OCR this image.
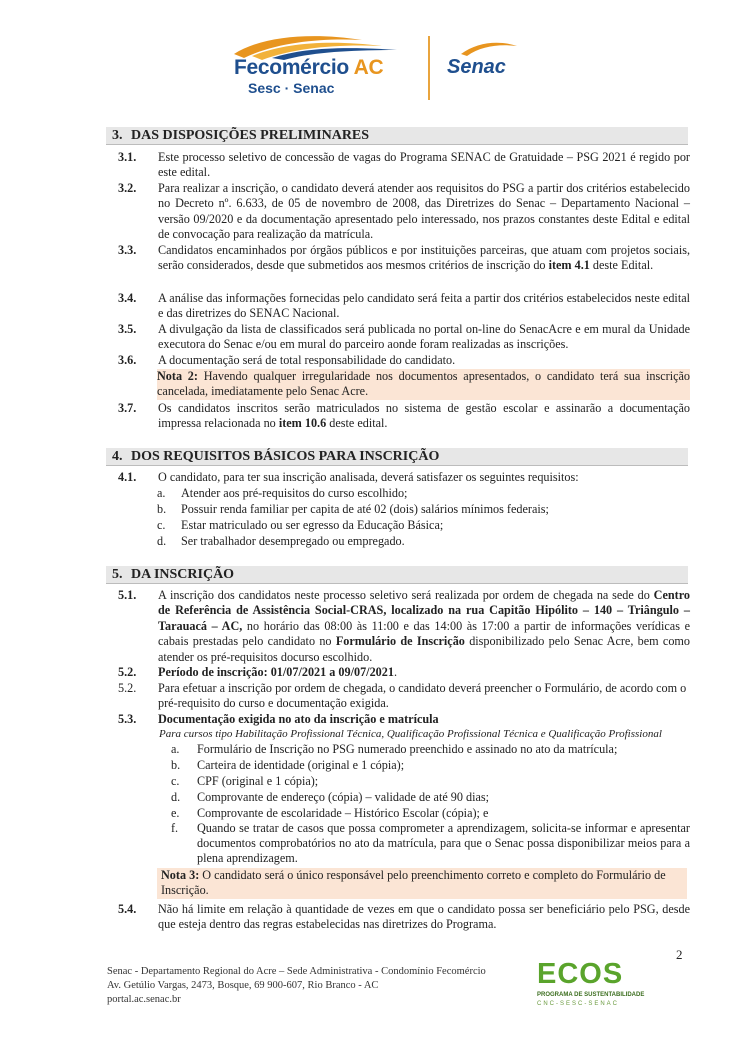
Fecomércio AC
Sesc · Senac
Senac
3. DAS DISPOSIÇÕES PRELIMINARES
3.1.	Este processo seletivo de concessão de vagas do Programa SENAC de Gratuidade – PSG 2021 é regido por este edital.
3.2.	Para realizar a inscrição, o candidato deverá atender aos requisitos do PSG a partir dos critérios estabelecido no Decreto nº. 6.633, de 05 de novembro de 2008, das Diretrizes do Senac – Departamento Nacional – versão 09/2020 e da documentação apresentado pelo interessado, nos prazos constantes deste Edital e edital de convocação para realização da matrícula.
3.3.	Candidatos encaminhados por órgãos públicos e por instituições parceiras, que atuam com projetos sociais, serão considerados, desde que submetidos aos mesmos critérios de inscrição do item 4.1 deste Edital.
3.4.	A análise das informações fornecidas pelo candidato será feita a partir dos critérios estabelecidos neste edital e das diretrizes do SENAC Nacional.
3.5.	A divulgação da lista de classificados será publicada no portal on-line do SenacAcre e em mural da Unidade executora do Senac e/ou em mural do parceiro aonde foram realizadas as inscrições.
3.6.	A documentação será de total responsabilidade do candidato.
Nota 2: Havendo qualquer irregularidade nos documentos apresentados, o candidato terá sua inscrição cancelada, imediatamente pelo Senac Acre.
3.7.	Os candidatos inscritos serão matriculados no sistema de gestão escolar e assinarão a documentação impressa relacionada no item 10.6 deste edital.
4. DOS REQUISITOS BÁSICOS PARA INSCRIÇÃO
4.1.	O candidato, para ter sua inscrição analisada, deverá satisfazer os seguintes requisitos:
a.	Atender aos pré-requisitos do curso escolhido;
b.	Possuir renda familiar per capita de até 02 (dois) salários mínimos federais;
c.	Estar matriculado ou ser egresso da Educação Básica;
d.	Ser trabalhador desempregado ou empregado.
5. DA INSCRIÇÃO
5.1.	A inscrição dos candidatos neste processo seletivo será realizada por ordem de chegada na sede do Centro de Referência de Assistência Social-CRAS, localizado na rua Capitão Hipólito – 140 – Triângulo – Tarauacá – AC, no horário das 08:00 às 11:00 e das 14:00 às 17:00 a partir de informações verídicas e cabais prestadas pelo candidato no Formulário de Inscrição disponibilizado pelo Senac Acre, bem como atender os pré-requisitos docurso escolhido.
5.2.	Período de inscrição: 01/07/2021 a 09/07/2021.
5.2.	Para efetuar a inscrição por ordem de chegada, o candidato deverá preencher o Formulário, de acordo com o pré-requisito do curso e documentação exigida.
5.3.	Documentação exigida no ato da inscrição e matrícula
Para cursos tipo Habilitação Profissional Técnica, Qualificação Profissional Técnica e Qualificação Profissional
a.	Formulário de Inscrição no PSG numerado preenchido e assinado no ato da matrícula;
b.	Carteira de identidade (original e 1 cópia);
c.	CPF (original e 1 cópia);
d.	Comprovante de endereço (cópia) – validade de até 90 dias;
e.	Comprovante de escolaridade – Histórico Escolar (cópia); e
f.	Quando se tratar de casos que possa comprometer a aprendizagem, solicita-se informar e apresentar documentos comprobatórios no ato da matrícula, para que o Senac possa disponibilizar meios para a plena aprendizagem.
Nota 3: O candidato será o único responsável pelo preenchimento correto e completo do Formulário de Inscrição.
5.4.	Não há limite em relação à quantidade de vezes em que o candidato possa ser beneficiário pelo PSG, desde que esteja dentro das regras estabelecidas nas diretrizes do Programa.
2
Senac - Departamento Regional do Acre – Sede Administrativa - Condomínio Fecomércio
Av. Getúlio Vargas, 2473, Bosque, 69 900-607, Rio Branco - AC
portal.ac.senac.br
ECOS
PROGRAMA DE SUSTENTABILIDADE
CNC-SESC-SENAC
